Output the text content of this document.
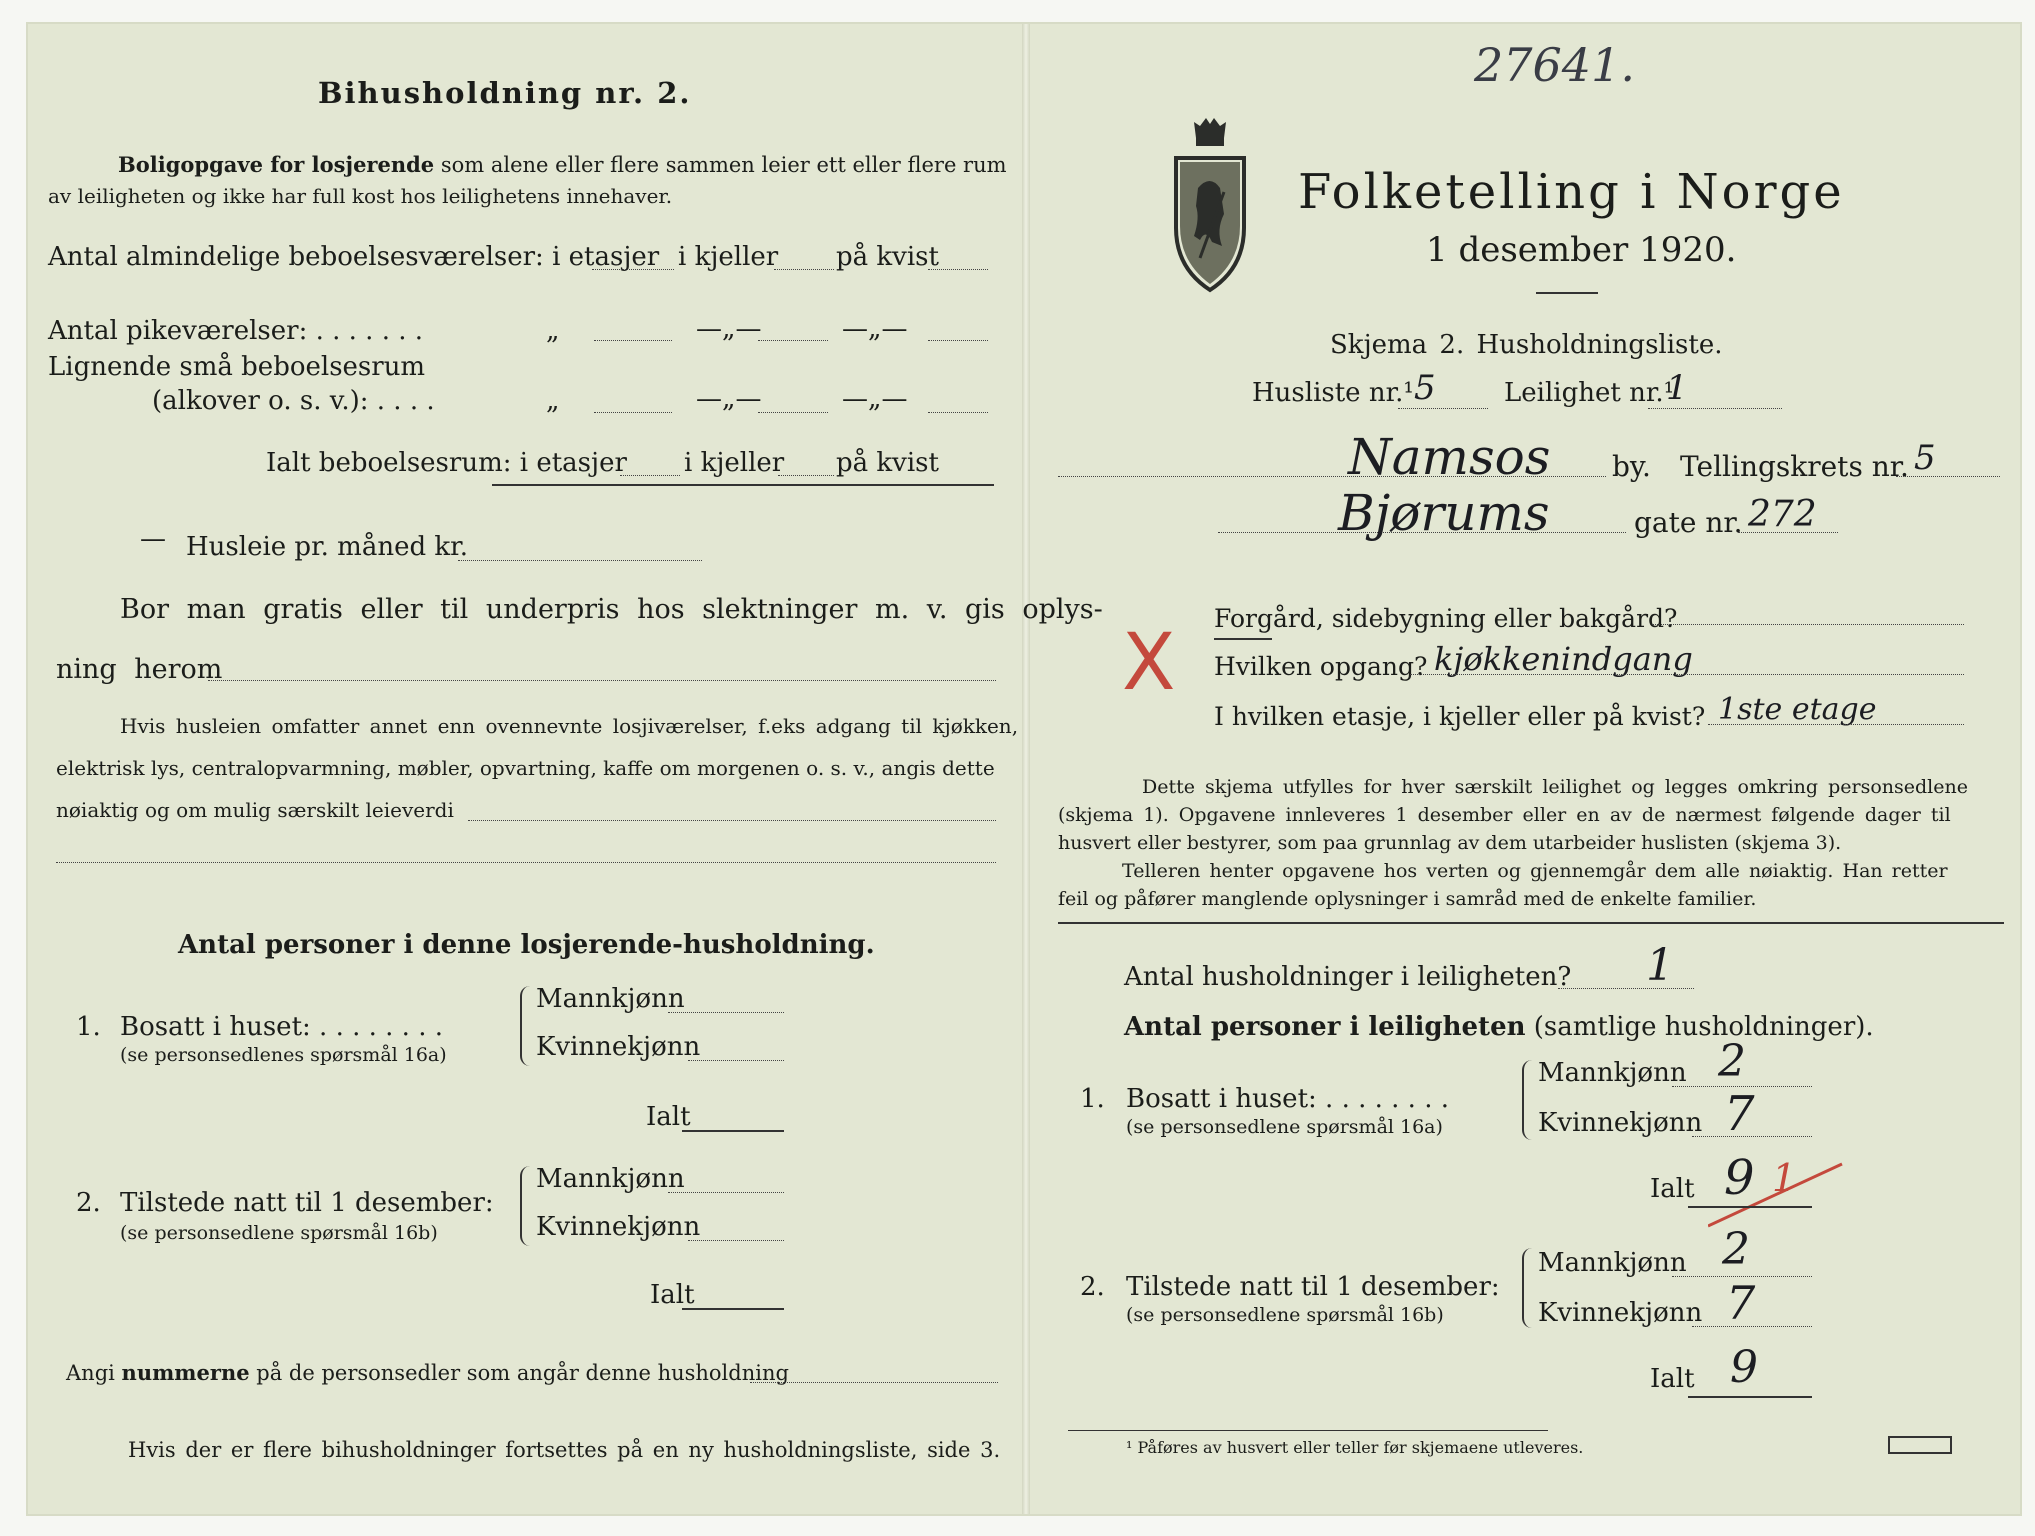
Bihusholdning nr. 2.
Boligopgave for losjerende som alene eller flere sammen leier ett eller flere rum
av leiligheten og ikke har full kost hos leilighetens innehaver.
Antal almindelige beboelsesværelser: i etasjer i kjeller på kvist
Antal pikeværelser: . . . . . . .	„	—„—	—„—
Lignende små beboelsesrum
(alkover o. s. v.): . . . .	„	—„—	—„—
Ialt beboelsesrum: i etasjer i kjeller på kvist
— Husleie pr. måned kr.
Bor man gratis eller til underpris hos slektninger m. v. gis oplys-
ning herom
Hvis husleien omfatter annet enn ovennevnte losjiværelser, f.eks adgang til kjøkken,
elektrisk lys, centralopvarmning, møbler, opvartning, kaffe om morgenen o. s. v., angis dette
nøiaktig og om mulig særskilt leieverdi
Antal personer i denne losjerende-husholdning.
1. Bosatt i huset: . . . . . . . .
(se personsedlenes spørsmål 16a)
Mannkjønn
Kvinnekjønn
Ialt
2. Tilstede natt til 1 desember:
(se personsedlene spørsmål 16b)
Mannkjønn
Kvinnekjønn
Ialt
Angi nummerne på de personsedler som angår denne husholdning
Hvis der er flere bihusholdninger fortsettes på en ny husholdningsliste, side 3.
27641.
Folketelling i Norge
1 desember 1920.
Skjema 2. Husholdningsliste.
Husliste nr.¹ 5	Leilighet nr.¹
1
Namsos by. Tellingskrets nr. 5
Bjørums	gate nr. 272
X Forgård, sidebygning eller bakgård?
Hvilken opgang? kjøkkenindgang
I hvilken etasje, i kjeller eller på kvist? 1ste etage
Dette skjema utfylles for hver særskilt leilighet og legges omkring personsedlene
(skjema 1). Opgavene innleveres 1 desember eller en av de nærmest følgende dager til
husvert eller bestyrer, som paa grunnlag av dem utarbeider huslisten (skjema 3).
Telleren henter opgavene hos verten og gjennemgår dem alle nøiaktig. Han retter
feil og påfører manglende oplysninger i samråd med de enkelte familier.
Antal husholdninger i leiligheten? 1
Antal personer i leiligheten (samtlige husholdninger).
1. Bosatt i huset: . . . . . . . .
(se personsedlene spørsmål 16a)
Mannkjønn 2
Kvinnekjønn 7
Ialt 9 1
2. Tilstede natt til 1 desember:
(se personsedlene spørsmål 16b)
Mannkjønn 2
Kvinnekjønn 7
Ialt 9
¹ Påføres av husvert eller teller før skjemaene utleveres.
